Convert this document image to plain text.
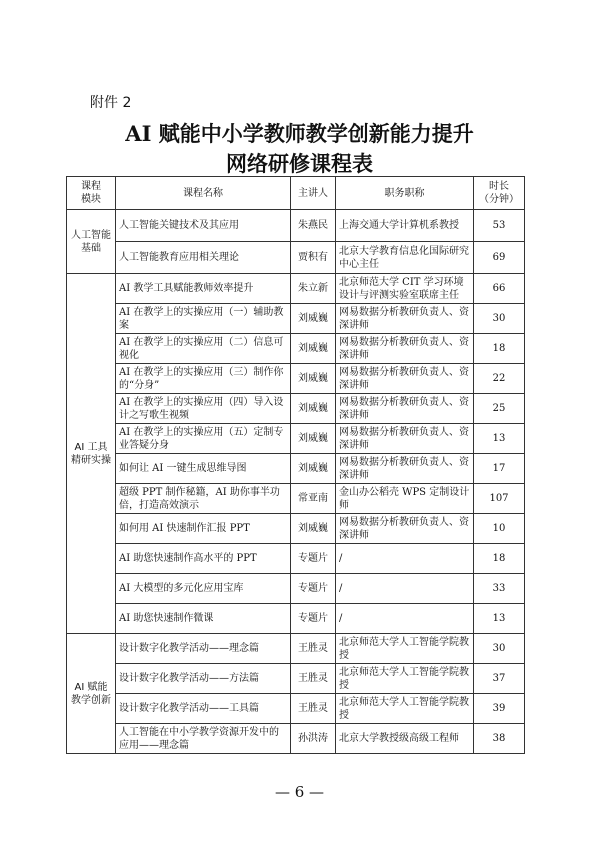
附件 2
AI 赋能中小学教师教学创新能力提升
网络研修课程表
课程
模块	课程名称	主讲人	职务职称	时长
（分钟）
人工智能基础	人工智能关键技术及其应用	朱燕民	上海交通大学计算机系教授	53
	人工智能教育应用相关理论	贾积有	北京大学教育信息化国际研究中心主任	69
AI 工具精研实操	AI 教学工具赋能教师效率提升	朱立新	北京师范大学 CIT 学习环境设计与评测实验室联席主任	66
	AI 在教学上的实操应用（一）辅助教案	刘威巍	网易数据分析教研负责人、资深讲师	30
	AI 在教学上的实操应用（二）信息可视化	刘威巍	网易数据分析教研负责人、资深讲师	18
	AI 在教学上的实操应用（三）制作你的“分身”	刘威巍	网易数据分析教研负责人、资深讲师	22
	AI 在教学上的实操应用（四）导入设计之写歌生视频	刘威巍	网易数据分析教研负责人、资深讲师	25
	AI 在教学上的实操应用（五）定制专业答疑分身	刘威巍	网易数据分析教研负责人、资深讲师	13
	如何让 AI 一键生成思维导图	刘威巍	网易数据分析教研负责人、资深讲师	17
	超级 PPT 制作秘籍，AI 助你事半功倍，打造高效演示	常亚南	金山办公稻壳 WPS 定制设计师	107
	如何用 AI 快速制作汇报 PPT	刘威巍	网易数据分析教研负责人、资深讲师	10
	AI 助您快速制作高水平的 PPT	专题片	/	18
	AI 大模型的多元化应用宝库	专题片	/	33
	AI 助您快速制作微课	专题片	/	13
AI 赋能教学创新	设计数字化教学活动——理念篇	王胜灵	北京师范大学人工智能学院教授	30
	设计数字化教学活动——方法篇	王胜灵	北京师范大学人工智能学院教授	37
	设计数字化教学活动——工具篇	王胜灵	北京师范大学人工智能学院教授	39
	人工智能在中小学教学资源开发中的应用——理念篇	孙洪涛	北京大学教授级高级工程师	38
— 6 —
